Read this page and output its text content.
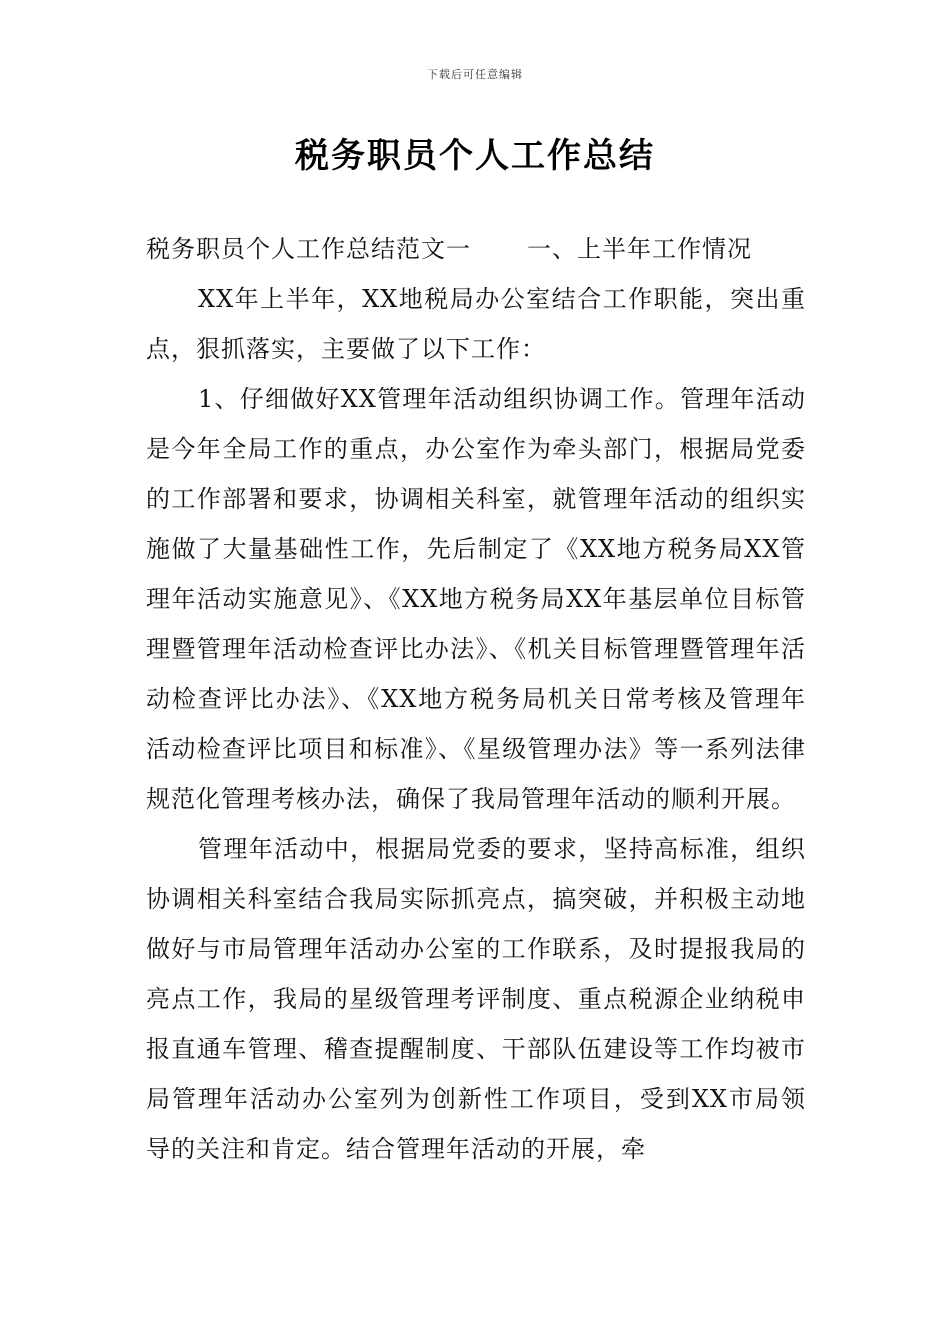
下载后可任意编辑
税务职员个人工作总结

税务职员个人工作总结范文一 一、上半年工作情况

XX年上半年，XX地税局办公室结合工作职能，突出重点，狠抓落实，主要做了以下工作：

1、仔细做好XX管理年活动组织协调工作。管理年活动是今年全局工作的重点，办公室作为牵头部门，根据局党委的工作部署和要求，协调相关科室，就管理年活动的组织实施做了大量基础性工作，先后制定了《XX地方税务局XX管理年活动实施意见》、《XX地方税务局XX年基层单位目标管理暨管理年活动检查评比办法》、《机关目标管理暨管理年活动检查评比办法》、《XX地方税务局机关日常考核及管理年活动检查评比项目和标准》、《星级管理办法》等一系列法律规范化管理考核办法，确保了我局管理年活动的顺利开展。

管理年活动中，根据局党委的要求，坚持高标准，组织协调相关科室结合我局实际抓亮点，搞突破，并积极主动地做好与市局管理年活动办公室的工作联系，及时提报我局的亮点工作，我局的星级管理考评制度、重点税源企业纳税申报直通车管理、稽查提醒制度、干部队伍建设等工作均被市局管理年活动办公室列为创新性工作项目，受到XX市局领导的关注和肯定。结合管理年活动的开展，牵
